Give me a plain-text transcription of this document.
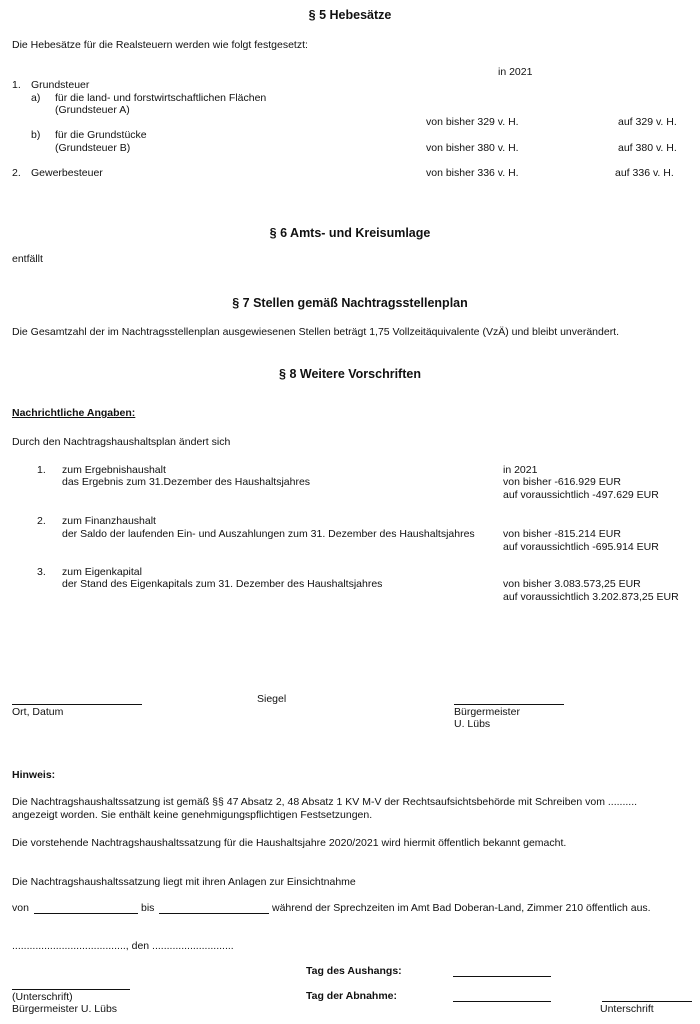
§ 5 Hebesätze
Die Hebesätze für die Realsteuern werden wie folgt festgesetzt:
in 2021
1. Grundsteuer
a) für die land- und forstwirtschaftlichen Flächen
(Grundsteuer A)
von bisher 329 v. H.	auf 329 v. H.
b) für die Grundstücke
(Grundsteuer B)	von bisher 380 v. H.	auf 380 v. H.
2. Gewerbesteuer	von bisher 336 v. H.	auf 336 v. H.
§ 6 Amts- und Kreisumlage
entfällt
§ 7 Stellen gemäß Nachtragsstellenplan
Die Gesamtzahl der im Nachtragsstellenplan ausgewiesenen Stellen beträgt 1,75 Vollzeitäquivalente (VzÄ) und bleibt unverändert.
§ 8 Weitere Vorschriften
Nachrichtliche Angaben:
Durch den Nachtragshaushaltsplan ändert sich
in 2021
1. zum Ergebnishaushalt
das Ergebnis zum 31.Dezember des Haushaltsjahres	von bisher -616.929 EUR
auf voraussichtlich -497.629 EUR
2. zum Finanzhaushalt
der Saldo der laufenden Ein- und Auszahlungen zum 31. Dezember des Haushaltsjahres	von bisher -815.214 EUR
auf voraussichtlich -695.914 EUR
3. zum Eigenkapital
der Stand des Eigenkapitals zum 31. Dezember des Haushaltsjahres	von bisher 3.083.573,25 EUR
auf voraussichtlich 3.202.873,25 EUR
Ort, Datum
Siegel
Bürgermeister
U. Lübs
Hinweis:
Die Nachtragshaushaltssatzung ist gemäß §§ 47 Absatz 2, 48 Absatz 1 KV M-V der Rechtsaufsichtsbehörde mit Schreiben vom ..........
angezeigt worden. Sie enthält keine genehmigungspflichtigen Festsetzungen.
Die vorstehende Nachtragshaushaltssatzung für die Haushaltsjahre 2020/2021 wird hiermit öffentlich bekannt gemacht.
Die Nachtragshaushaltssatzung liegt mit ihren Anlagen zur Einsichtnahme
von	bis	während der Sprechzeiten im Amt Bad Doberan-Land, Zimmer 210 öffentlich aus.
......................................., den ............................
Tag des Aushangs:
(Unterschrift)	Tag der Abnahme:
Bürgermeister U. Lübs	Unterschrift
